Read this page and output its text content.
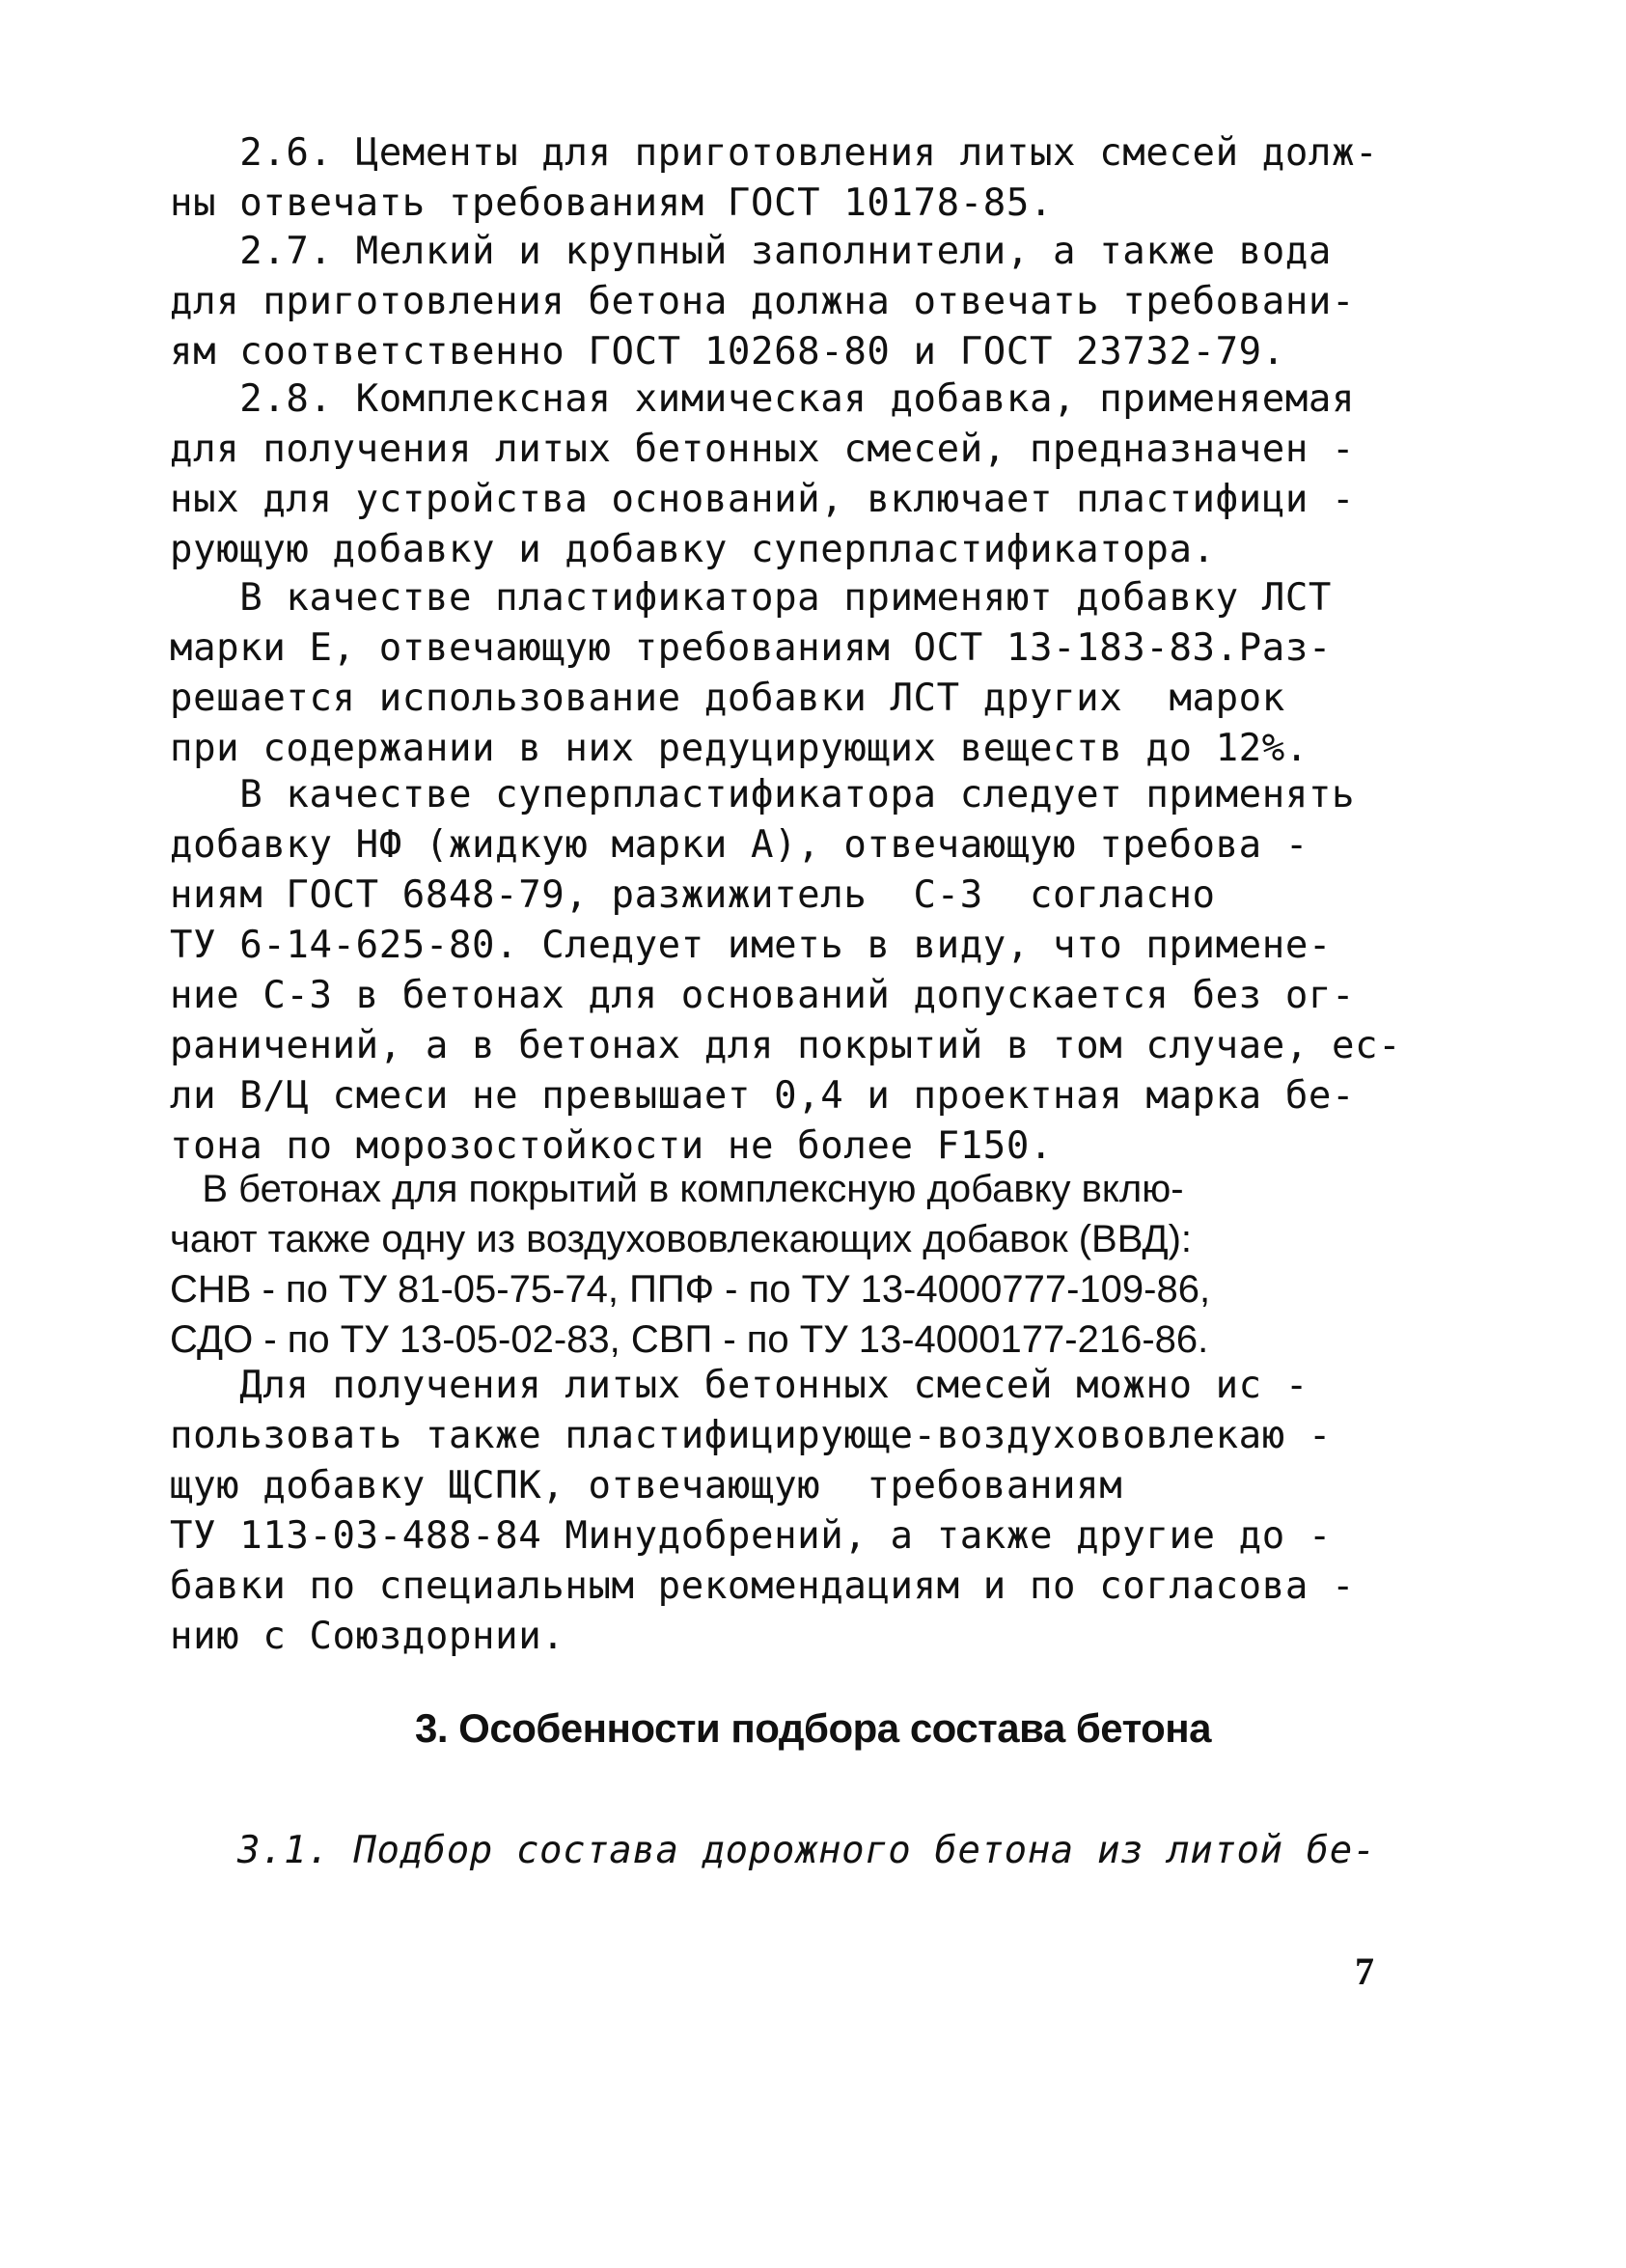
2.6. Цементы для приготовления литых смесей долж-
ны отвечать требованиям ГОСТ 10178-85.
2.7. Мелкий и крупный заполнители, а также вода
для приготовления бетона должна отвечать требовани-
ям соответственно ГОСТ 10268-80 и ГОСТ 23732-79.
2.8. Комплексная химическая добавка, применяемая
для получения литых бетонных смесей, предназначен -
ных для устройства оснований, включает пластифици -
рующую добавку и добавку суперпластификатора.
В качестве пластификатора применяют добавку ЛСТ
марки Е, отвечающую требованиям ОСТ 13-183-83.Раз-
решается использование добавки ЛСТ других  марок
при содержании в них редуцирующих веществ до 12%.
В качестве суперпластификатора следует применять
добавку НФ (жидкую марки А), отвечающую требова -
ниям ГОСТ 6848-79, разжижитель  С-3  согласно
ТУ 6-14-625-80. Следует иметь в виду, что примене-
ние С-3 в бетонах для оснований допускается без ог-
раничений, а в бетонах для покрытий в том случае, ес-
ли В/Ц смеси не превышает 0,4 и проектная марка бе-
тона по морозостойкости не более F150.
В бетонах для покрытий в комплексную добавку вклю-
чают также одну из воздухововлекающих добавок (ВВД):
СНВ - по ТУ 81-05-75-74, ППФ - по ТУ 13-4000777-109-86,
СДО - по ТУ 13-05-02-83, СВП - по ТУ 13-4000177-216-86.
Для получения литых бетонных смесей можно ис -
пользовать также пластифицирующе-воздухововлекаю -
щую добавку ЩСПК, отвечающую  требованиям
ТУ 113-03-488-84 Минудобрений, а также другие до -
бавки по специальным рекомендациям и по согласова -
нию с Союздорнии.
3. Особенности подбора состава бетона
3.1. Подбор состава дорожного бетона из литой бе-
7
